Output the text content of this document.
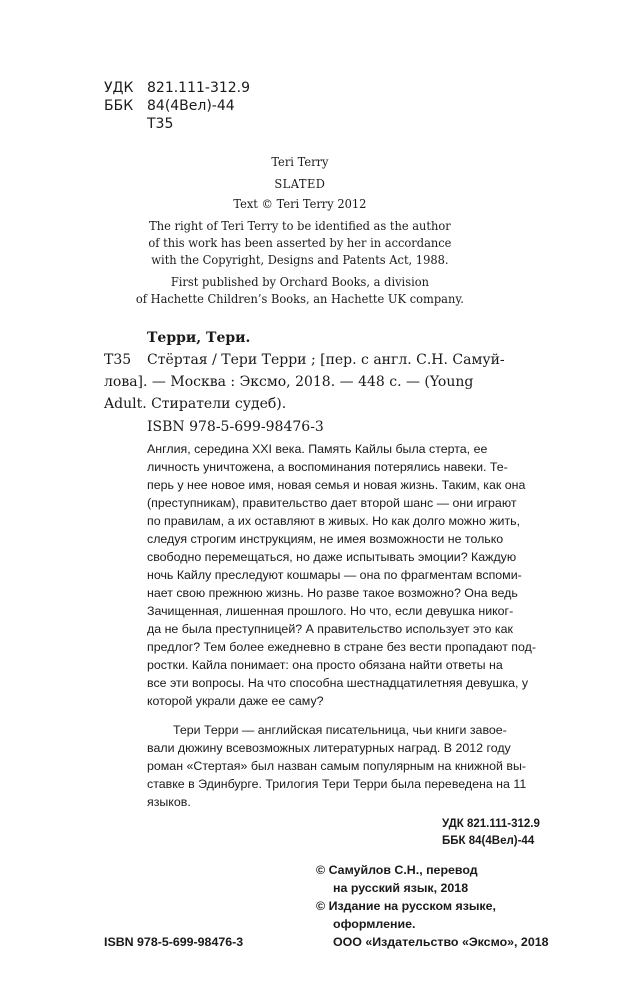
УДК 821.111-312.9
ББК 84(4Вел)-44
Т35
Teri Terry
SLATED
Text © Teri Terry 2012
The right of Teri Terry to be identified as the author
of this work has been asserted by her in accordance
with the Copyright, Designs and Patents Act, 1988.
First published by Orchard Books, a division
of Hachette Children’s Books, an Hachette UK company.
Терри, Тери.
Т35 Стёртая / Тери Терри ; [пер. с англ. С.Н. Самуй-
лова]. — Москва : Эксмо, 2018. — 448 с. — (Young
Adult. Стиратели судеб).
ISBN 978-5-699-98476-3
Англия, середина XXI века. Память Кайлы была стерта, ее
личность уничтожена, а воспоминания потерялись навеки. Те-
перь у нее новое имя, новая семья и новая жизнь. Таким, как она
(преступникам), правительство дает второй шанс — они играют
по правилам, а их оставляют в живых. Но как долго можно жить,
следуя строгим инструкциям, не имея возможности не только
свободно перемещаться, но даже испытывать эмоции? Каждую
ночь Кайлу преследуют кошмары — она по фрагментам вспоми-
нает свою прежнюю жизнь. Но разве такое возможно? Она ведь
Зачищенная, лишенная прошлого. Но что, если девушка никог-
да не была преступницей? А правительство использует это как
предлог? Тем более ежедневно в стране без вести пропадают под-
ростки. Кайла понимает: она просто обязана найти ответы на
все эти вопросы. На что способна шестнадцатилетняя девушка, у
которой украли даже ее саму?
Тери Терри — английская писательница, чьи книги завое-
вали дюжину всевозможных литературных наград. В 2012 году
роман «Стертая» был назван самым популярным на книжной вы-
ставке в Эдинбурге. Трилогия Тери Терри была переведена на 11
языков.
УДК 821.111-312.9
ББК 84(4Вел)-44
© Самуйлов С.Н., перевод
на русский язык, 2018
© Издание на русском языке,
оформление.
ООО «Издательство «Эксмо», 2018
ISBN 978-5-699-98476-3
